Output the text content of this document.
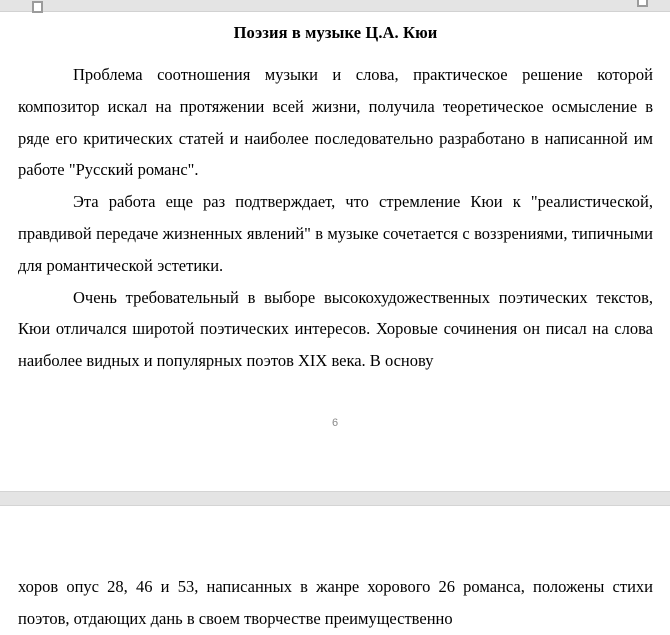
Поэзия в музыке Ц.А. Кюи

Проблема соотношения музыки и слова, практическое решение которой композитор искал на протяжении всей жизни, получила теоретическое осмысление в ряде его критических статей и наиболее последовательно разработано в написанной им работе "Русский романс".

Эта работа еще раз подтверждает, что стремление Кюи к "реалистической, правдивой передаче жизненных явлений" в музыке сочетается с воззрениями, типичными для романтической эстетики.

Очень требовательный в выборе высокохудожественных поэтических текстов, Кюи отличался широтой поэтических интересов. Хоровые сочинения он писал на слова наиболее видных и популярных поэтов XIX века. В основу

6

хоров опус 28, 46 и 53, написанных в жанре хорового 26 романса, положены стихи поэтов, отдающих дань в своем творчестве преимущественно
